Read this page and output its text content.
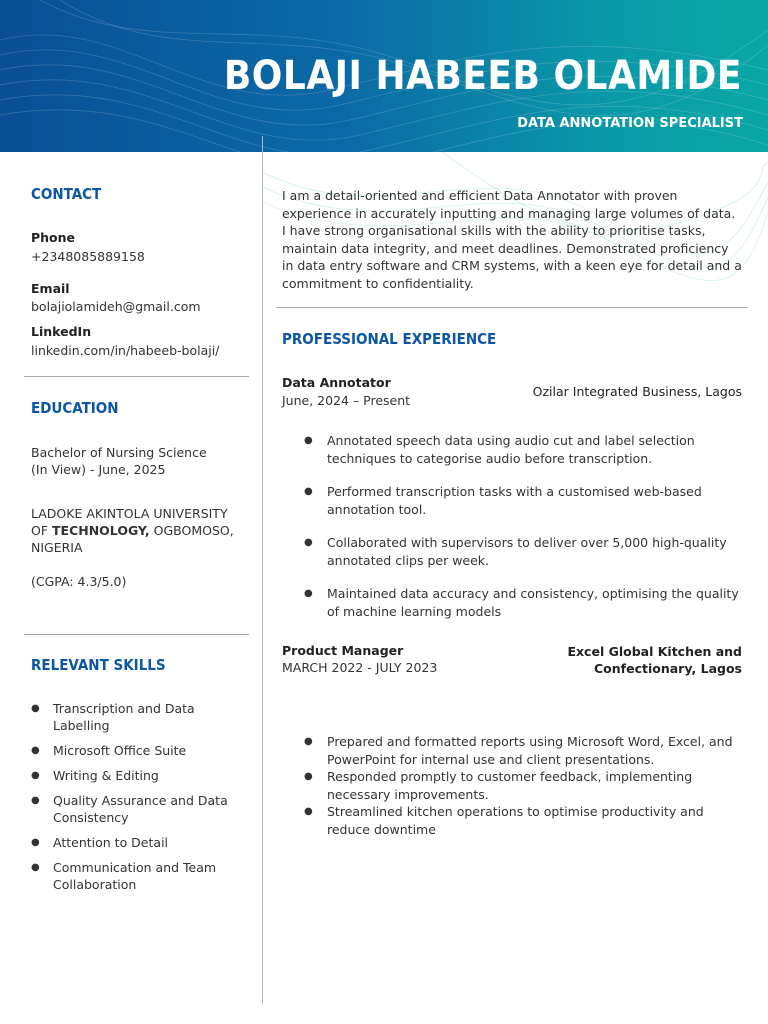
BOLAJI HABEEB OLAMIDE
DATA ANNOTATION SPECIALIST
CONTACT
Phone
+2348085889158
Email
bolajiolamideh@gmail.com
LinkedIn
linkedin.com/in/habeeb-bolaji/
EDUCATION
Bachelor of Nursing Science
(In View) - June, 2025
LADOKE AKINTOLA UNIVERSITY OF TECHNOLOGY, OGBOMOSO, NIGERIA
(CGPA: 4.3/5.0)
RELEVANT SKILLS
● Transcription and Data Labelling
● Microsoft Office Suite
● Writing & Editing
● Quality Assurance and Data Consistency
● Attention to Detail
● Communication and Team Collaboration
I am a detail-oriented and efficient Data Annotator with proven experience in accurately inputting and managing large volumes of data. I have strong organisational skills with the ability to prioritise tasks, maintain data integrity, and meet deadlines. Demonstrated proficiency in data entry software and CRM systems, with a keen eye for detail and a commitment to confidentiality.
PROFESSIONAL EXPERIENCE
Data Annotator
June, 2024 – Present
Ozilar Integrated Business, Lagos
● Annotated speech data using audio cut and label selection techniques to categorise audio before transcription.
● Performed transcription tasks with a customised web-based annotation tool.
● Collaborated with supervisors to deliver over 5,000 high-quality annotated clips per week.
● Maintained data accuracy and consistency, optimising the quality of machine learning models
Product Manager
MARCH 2022 - JULY 2023
Excel Global Kitchen and
Confectionary, Lagos
● Prepared and formatted reports using Microsoft Word, Excel, and PowerPoint for internal use and client presentations.
● Responded promptly to customer feedback, implementing necessary improvements.
● Streamlined kitchen operations to optimise productivity and reduce downtime
